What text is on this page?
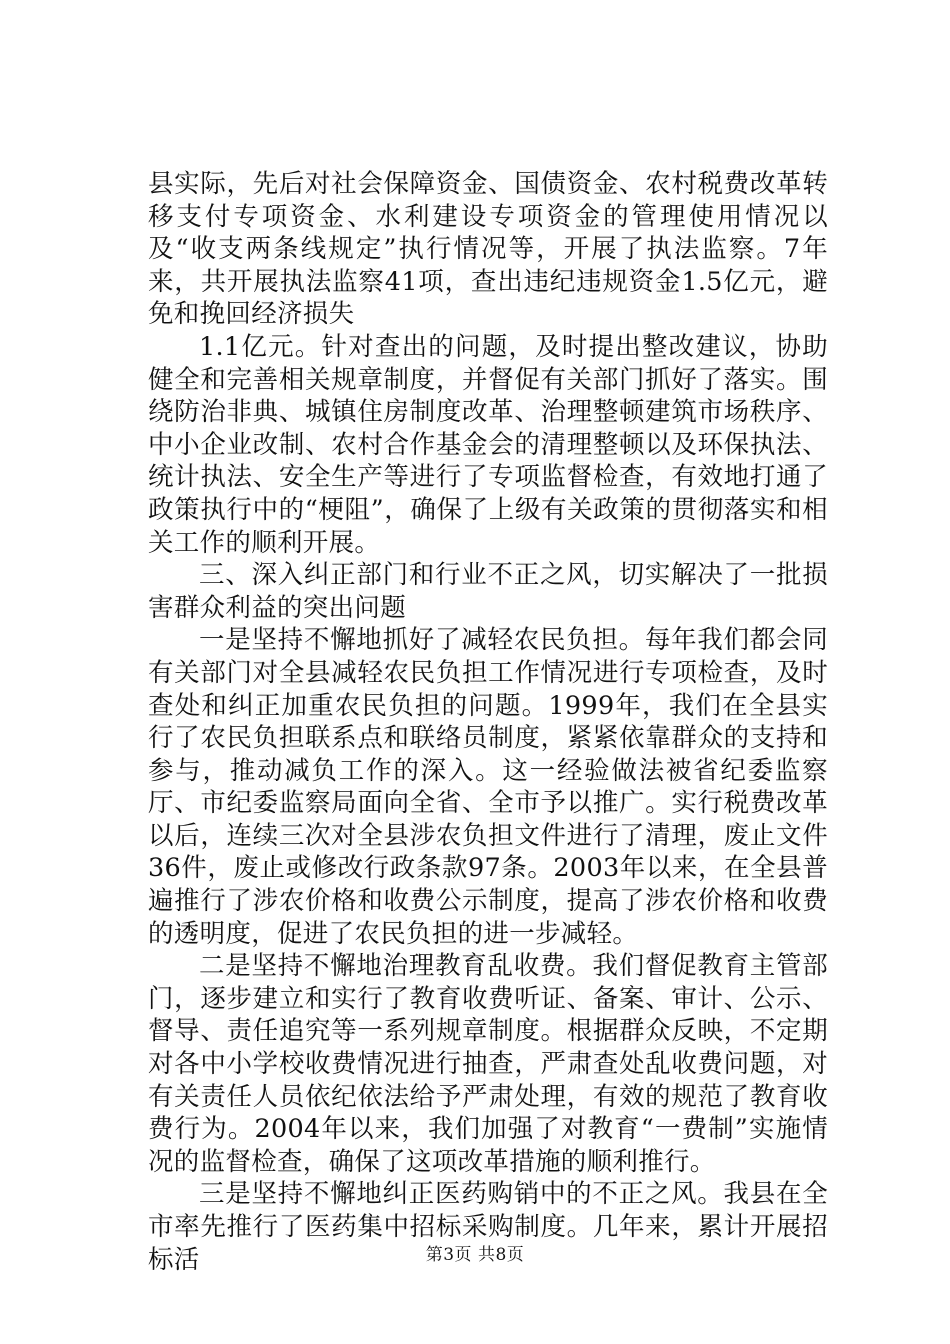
县实际，先后对社会保障资金、国债资金、农村税费改革转移支付专项资金、水利建设专项资金的管理使用情况以及“收支两条线规定”执行情况等，开展了执法监察。7年来，共开展执法监察41项，查出违纪违规资金1.5亿元，避免和挽回经济损失

1.1亿元。针对查出的问题，及时提出整改建议，协助健全和完善相关规章制度，并督促有关部门抓好了落实。围绕防治非典、城镇住房制度改革、治理整顿建筑市场秩序、中小企业改制、农村合作基金会的清理整顿以及环保执法、统计执法、安全生产等进行了专项监督检查，有效地打通了政策执行中的“梗阻”，确保了上级有关政策的贯彻落实和相关工作的顺利开展。

三、深入纠正部门和行业不正之风，切实解决了一批损害群众利益的突出问题

一是坚持不懈地抓好了减轻农民负担。每年我们都会同有关部门对全县减轻农民负担工作情况进行专项检查，及时查处和纠正加重农民负担的问题。1999年，我们在全县实行了农民负担联系点和联络员制度，紧紧依靠群众的支持和参与，推动减负工作的深入。这一经验做法被省纪委监察厅、市纪委监察局面向全省、全市予以推广。实行税费改革以后，连续三次对全县涉农负担文件进行了清理，废止文件36件，废止或修改行政条款97条。2003年以来，在全县普遍推行了涉农价格和收费公示制度，提高了涉农价格和收费的透明度，促进了农民负担的进一步减轻。

二是坚持不懈地治理教育乱收费。我们督促教育主管部门，逐步建立和实行了教育收费听证、备案、审计、公示、督导、责任追究等一系列规章制度。根据群众反映，不定期对各中小学校收费情况进行抽查，严肃查处乱收费问题，对有关责任人员依纪依法给予严肃处理，有效的规范了教育收费行为。2004年以来，我们加强了对教育“一费制”实施情况的监督检查，确保了这项改革措施的顺利推行。

三是坚持不懈地纠正医药购销中的不正之风。我县在全市率先推行了医药集中招标采购制度。几年来，累计开展招标活	第3页 共8页
